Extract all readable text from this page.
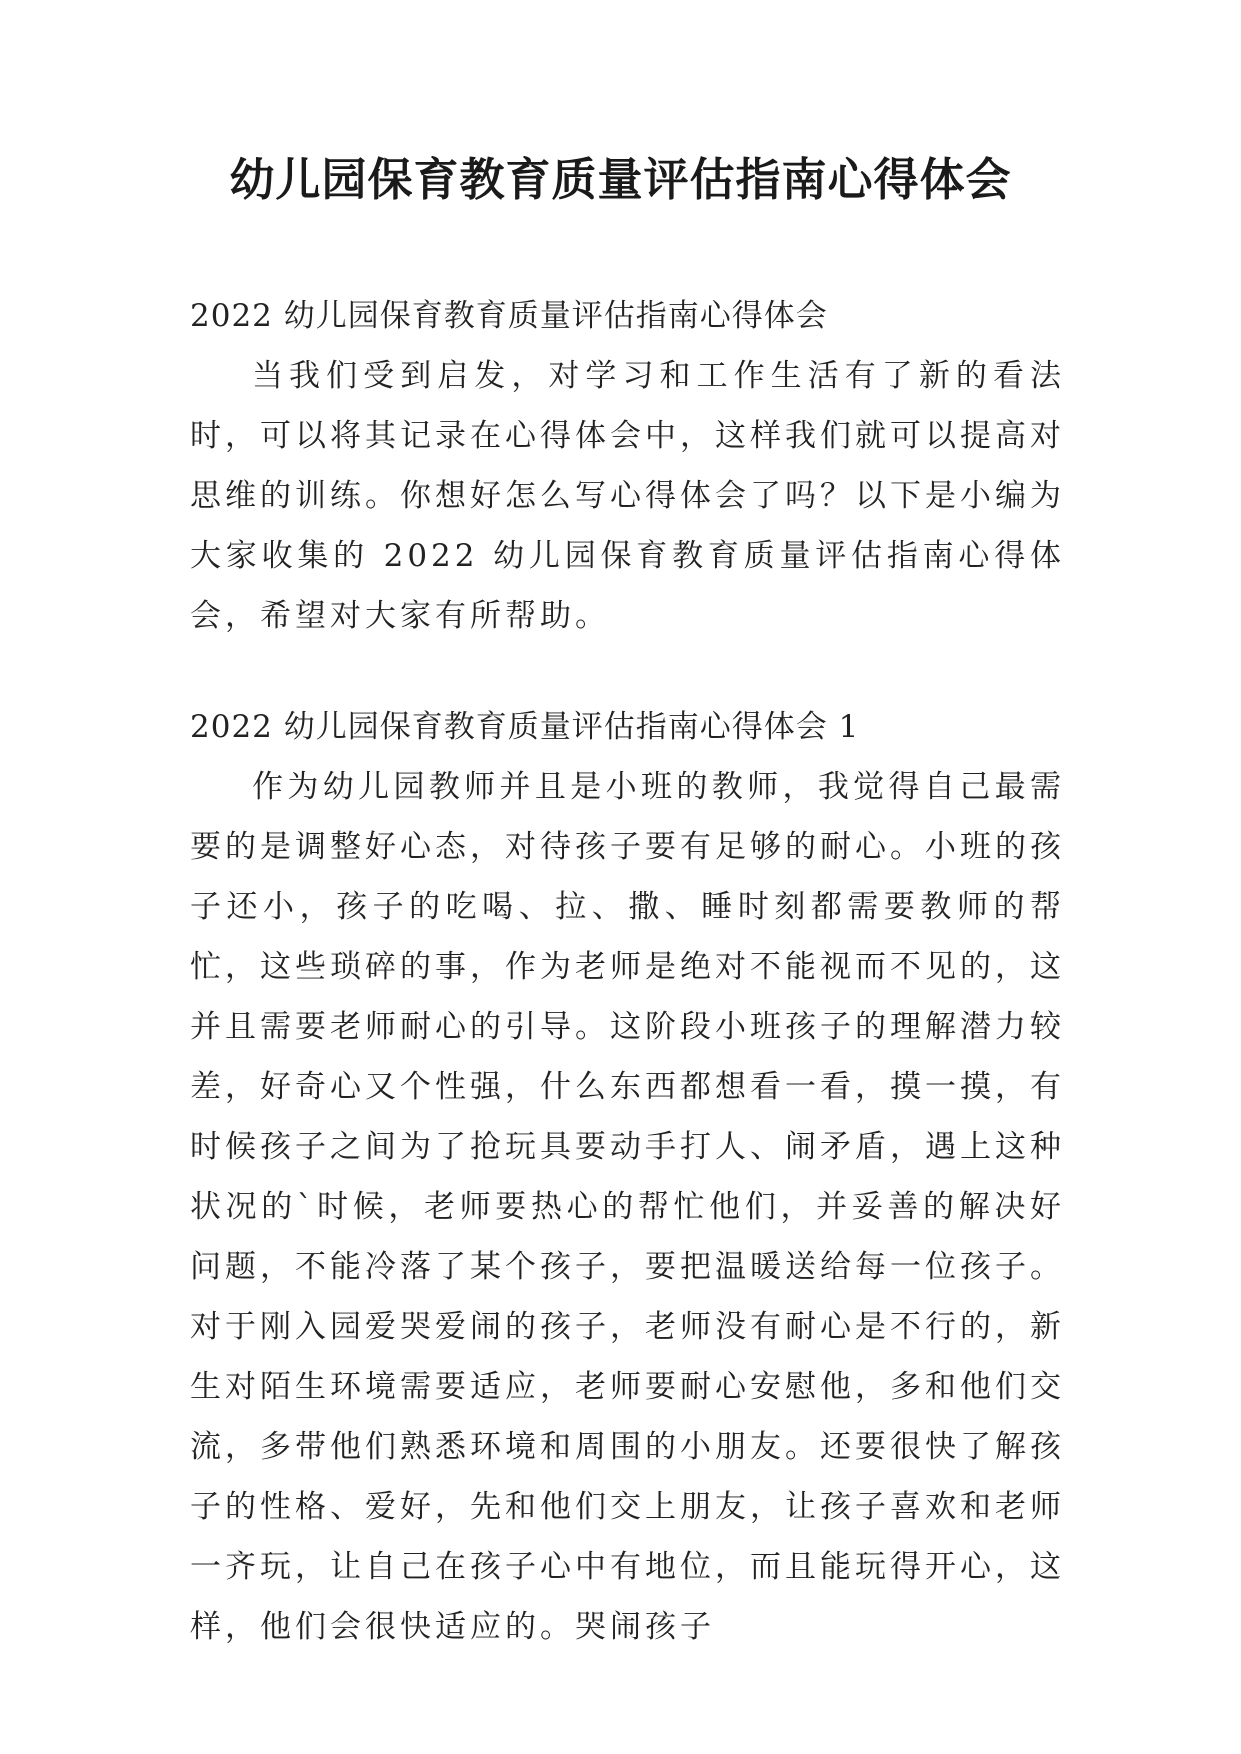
幼儿园保育教育质量评估指南心得体会

2022 幼儿园保育教育质量评估指南心得体会

当我们受到启发，对学习和工作生活有了新的看法时，可以将其记录在心得体会中，这样我们就可以提高对思维的训练。你想好怎么写心得体会了吗？以下是小编为大家收集的 2022 幼儿园保育教育质量评估指南心得体会，希望对大家有所帮助。

2022 幼儿园保育教育质量评估指南心得体会 1

作为幼儿园教师并且是小班的教师，我觉得自己最需要的是调整好心态，对待孩子要有足够的耐心。小班的孩子还小，孩子的吃喝、拉、撒、睡时刻都需要教师的帮忙，这些琐碎的事，作为老师是绝对不能视而不见的，这并且需要老师耐心的引导。这阶段小班孩子的理解潜力较差，好奇心又个性强，什么东西都想看一看，摸一摸，有时候孩子之间为了抢玩具要动手打人、闹矛盾，遇上这种状况的`时候，老师要热心的帮忙他们，并妥善的解决好问题，不能冷落了某个孩子，要把温暖送给每一位孩子。对于刚入园爱哭爱闹的孩子，老师没有耐心是不行的，新生对陌生环境需要适应，老师要耐心安慰他，多和他们交流，多带他们熟悉环境和周围的小朋友。还要很快了解孩子的性格、爱好，先和他们交上朋友，让孩子喜欢和老师一齐玩，让自己在孩子心中有地位，而且能玩得开心，这样，他们会很快适应的。哭闹孩子
